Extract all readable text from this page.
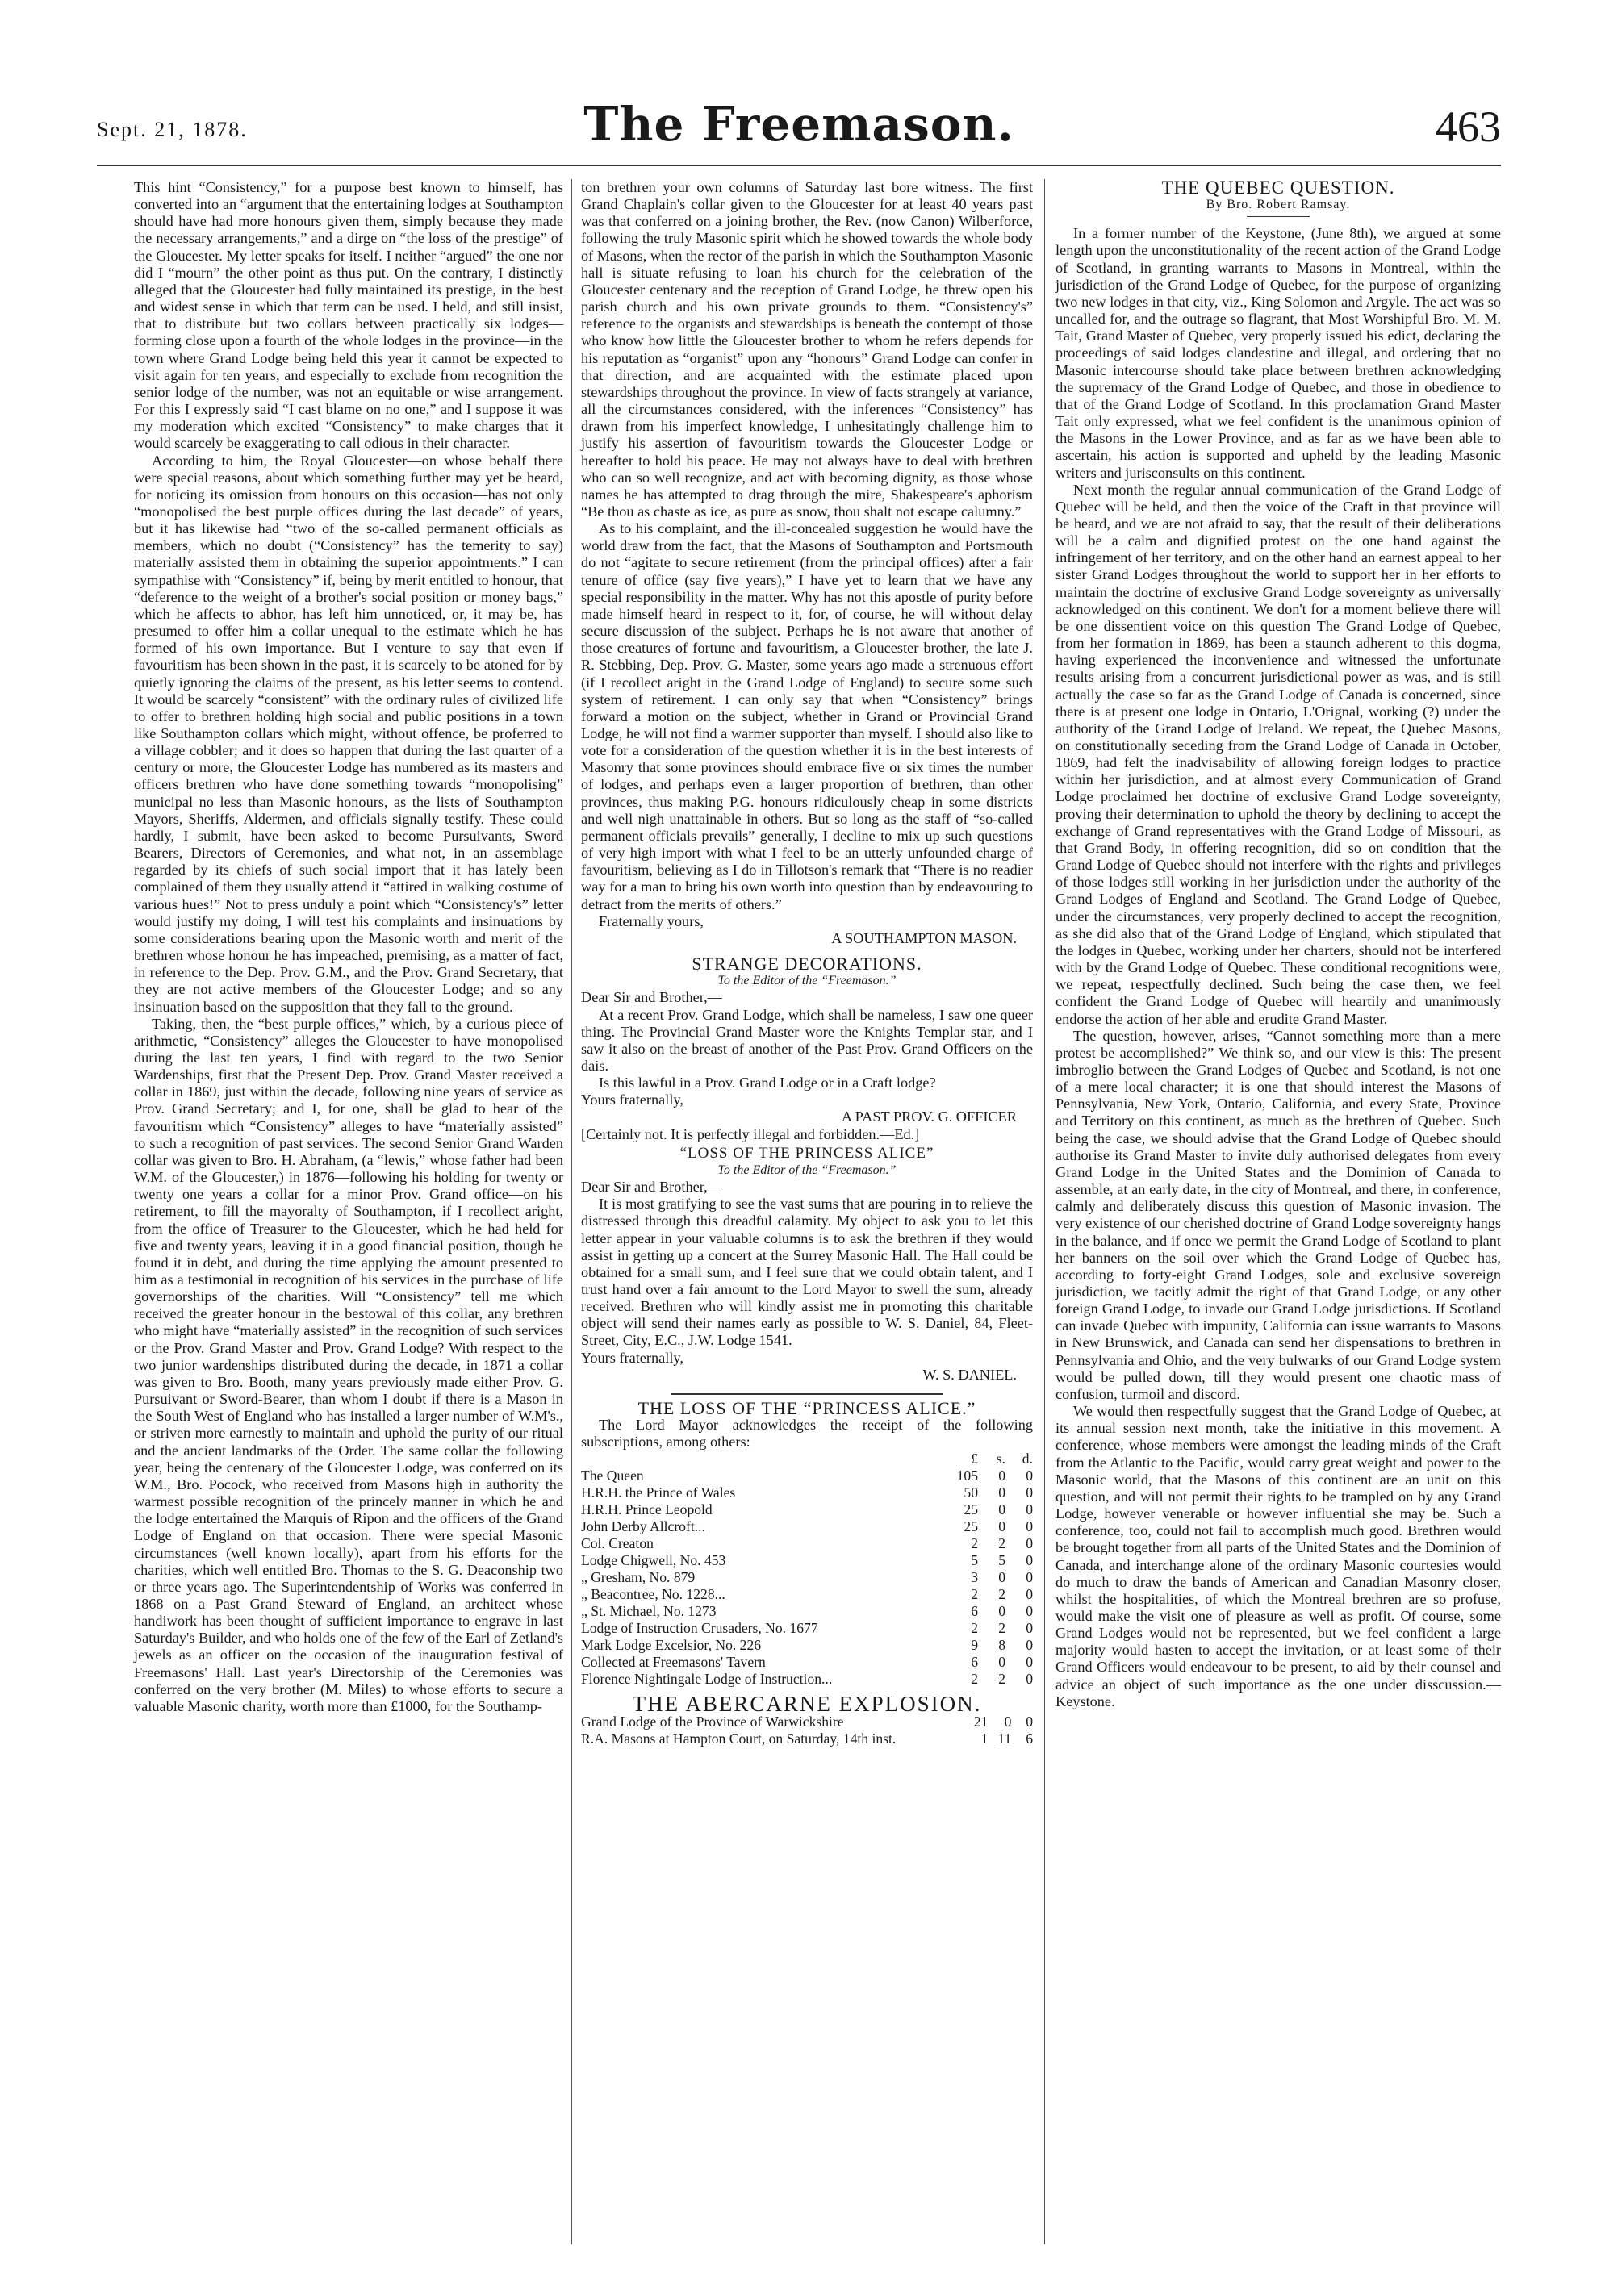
Sept. 21, 1878.	The Freemason.	463

This hint “Consistency,” for a purpose best known to himself, has converted into an “argument that the entertaining lodges at Southampton should have had more honours given them, simply because they made the necessary arrangements,” and a dirge on “the loss of the prestige” of the Gloucester. My letter speaks for itself. I neither “argued” the one nor did I “mourn” the other point as thus put. On the contrary, I distinctly alleged that the Gloucester had fully maintained its prestige, in the best and widest sense in which that term can be used. I held, and still insist, that to distribute but two collars between practically six lodges—forming close upon a fourth of the whole lodges in the province—in the town where Grand Lodge being held this year it cannot be expected to visit again for ten years, and especially to exclude from recognition the senior lodge of the number, was not an equitable or wise arrangement. For this I expressly said “I cast blame on no one,” and I suppose it was my moderation which excited “Consistency” to make charges that it would scarcely be exaggerating to call odious in their character.

According to him, the Royal Gloucester—on whose behalf there were special reasons, about which something further may yet be heard, for noticing its omission from honours on this occasion—has not only “monopolised the best purple offices during the last decade” of years, but it has likewise had “two of the so-called permanent officials as members, which no doubt (“Consistency” has the temerity to say) materially assisted them in obtaining the superior appointments.” I can sympathise with “Consistency” if, being by merit entitled to honour, that “deference to the weight of a brother's social position or money bags,” which he affects to abhor, has left him unnoticed, or, it may be, has presumed to offer him a collar unequal to the estimate which he has formed of his own importance. But I venture to say that even if favouritism has been shown in the past, it is scarcely to be atoned for by quietly ignoring the claims of the present, as his letter seems to contend. It would be scarcely “consistent” with the ordinary rules of civilized life to offer to brethren holding high social and public positions in a town like Southampton collars which might, without offence, be proferred to a village cobbler; and it does so happen that during the last quarter of a century or more, the Gloucester Lodge has numbered as its masters and officers brethren who have done something towards “monopolising” municipal no less than Masonic honours, as the lists of Southampton Mayors, Sheriffs, Aldermen, and officials signally testify. These could hardly, I submit, have been asked to become Pursuivants, Sword Bearers, Directors of Ceremonies, and what not, in an assemblage regarded by its chiefs of such social import that it has lately been complained of them they usually attend it “attired in walking costume of various hues!” Not to press unduly a point which “Consistency's” letter would justify my doing, I will test his complaints and insinuations by some considerations bearing upon the Masonic worth and merit of the brethren whose honour he has impeached, premising, as a matter of fact, in reference to the Dep. Prov. G.M., and the Prov. Grand Secretary, that they are not active members of the Gloucester Lodge; and so any insinuation based on the supposition that they fall to the ground.

Taking, then, the “best purple offices,” which, by a curious piece of arithmetic, “Consistency” alleges the Gloucester to have monopolised during the last ten years, I find with regard to the two Senior Wardenships, first that the Present Dep. Prov. Grand Master received a collar in 1869, just within the decade, following nine years of service as Prov. Grand Secretary; and I, for one, shall be glad to hear of the favouritism which “Consistency” alleges to have “materially assisted” to such a recognition of past services. The second Senior Grand Warden collar was given to Bro. H. Abraham, (a “lewis,” whose father had been W.M. of the Gloucester,) in 1876—following his holding for twenty or twenty one years a collar for a minor Prov. Grand office—on his retirement, to fill the mayoralty of Southampton, if I recollect aright, from the office of Treasurer to the Gloucester, which he had held for five and twenty years, leaving it in a good financial position, though he found it in debt, and during the time applying the amount presented to him as a testimonial in recognition of his services in the purchase of life governorships of the charities. Will “Consistency” tell me which received the greater honour in the bestowal of this collar, any brethren who might have “materially assisted” in the recognition of such services or the Prov. Grand Master and Prov. Grand Lodge? With respect to the two junior wardenships distributed during the decade, in 1871 a collar was given to Bro. Booth, many years previously made either Prov. G. Pursuivant or Sword-Bearer, than whom I doubt if there is a Mason in the South West of England who has installed a larger number of W.M's., or striven more earnestly to maintain and uphold the purity of our ritual and the ancient landmarks of the Order. The same collar the following year, being the centenary of the Gloucester Lodge, was conferred on its W.M., Bro. Pocock, who received from Masons high in authority the warmest possible recognition of the princely manner in which he and the lodge entertained the Marquis of Ripon and the officers of the Grand Lodge of England on that occasion. There were special Masonic circumstances (well known locally), apart from his efforts for the charities, which well entitled Bro. Thomas to the S. G. Deaconship two or three years ago. The Superintendentship of Works was conferred in 1868 on a Past Grand Steward of England, an architect whose handiwork has been thought of sufficient importance to engrave in last Saturday's Builder, and who holds one of the few of the Earl of Zetland's jewels as an officer on the occasion of the inauguration festival of Freemasons' Hall. Last year's Directorship of the Ceremonies was conferred on the very brother (M. Miles) to whose efforts to secure a valuable Masonic charity, worth more than £1000, for the Southamp-

ton brethren your own columns of Saturday last bore witness. The first Grand Chaplain's collar given to the Gloucester for at least 40 years past was that conferred on a joining brother, the Rev. (now Canon) Wilberforce, following the truly Masonic spirit which he showed towards the whole body of Masons, when the rector of the parish in which the Southampton Masonic hall is situate refusing to loan his church for the celebration of the Gloucester centenary and the reception of Grand Lodge, he threw open his parish church and his own private grounds to them. “Consistency's” reference to the organists and stewardships is beneath the contempt of those who know how little the Gloucester brother to whom he refers depends for his reputation as “organist” upon any “honours” Grand Lodge can confer in that direction, and are acquainted with the estimate placed upon stewardships throughout the province. In view of facts strangely at variance, all the circumstances considered, with the inferences “Consistency” has drawn from his imperfect knowledge, I unhesitatingly challenge him to justify his assertion of favouritism towards the Gloucester Lodge or hereafter to hold his peace. He may not always have to deal with brethren who can so well recognize, and act with becoming dignity, as those whose names he has attempted to drag through the mire, Shakespeare's aphorism “Be thou as chaste as ice, as pure as snow, thou shalt not escape calumny.”

As to his complaint, and the ill-concealed suggestion he would have the world draw from the fact, that the Masons of Southampton and Portsmouth do not “agitate to secure retirement (from the principal offices) after a fair tenure of office (say five years),” I have yet to learn that we have any special responsibility in the matter. Why has not this apostle of purity before made himself heard in respect to it, for, of course, he will without delay secure discussion of the subject. Perhaps he is not aware that another of those creatures of fortune and favouritism, a Gloucester brother, the late J. R. Stebbing, Dep. Prov. G. Master, some years ago made a strenuous effort (if I recollect aright in the Grand Lodge of England) to secure some such system of retirement. I can only say that when “Consistency” brings forward a motion on the subject, whether in Grand or Provincial Grand Lodge, he will not find a warmer supporter than myself. I should also like to vote for a consideration of the question whether it is in the best interests of Masonry that some provinces should embrace five or six times the number of lodges, and perhaps even a larger proportion of brethren, than other provinces, thus making P.G. honours ridiculously cheap in some districts and well nigh unattainable in others. But so long as the staff of “so-called permanent officials prevails” generally, I decline to mix up such questions of very high import with what I feel to be an utterly unfounded charge of favouritism, believing as I do in Tillotson's remark that “There is no readier way for a man to bring his own worth into question than by endeavouring to detract from the merits of others.”

Fraternally yours,

A SOUTHAMPTON MASON.

STRANGE DECORATIONS.
To the Editor of the “Freemason.”

Dear Sir and Brother,—

At a recent Prov. Grand Lodge, which shall be nameless, I saw one queer thing. The Provincial Grand Master wore the Knights Templar star, and I saw it also on the breast of another of the Past Prov. Grand Officers on the dais.

Is this lawful in a Prov. Grand Lodge or in a Craft lodge?

Yours fraternally,

A PAST PROV. G. OFFICER

[Certainly not. It is perfectly illegal and forbidden.—Ed.]

“LOSS OF THE PRINCESS ALICE”
To the Editor of the “Freemason.”

Dear Sir and Brother,—

It is most gratifying to see the vast sums that are pouring in to relieve the distressed through this dreadful calamity. My object to ask you to let this letter appear in your valuable columns is to ask the brethren if they would assist in getting up a concert at the Surrey Masonic Hall. The Hall could be obtained for a small sum, and I feel sure that we could obtain talent, and I trust hand over a fair amount to the Lord Mayor to swell the sum, already received. Brethren who will kindly assist me in promoting this charitable object will send their names early as possible to W. S. Daniel, 84, Fleet-Street, City, E.C., J.W. Lodge 1541.

Yours fraternally,

W. S. DANIEL.

THE LOSS OF THE “PRINCESS ALICE.”

The Lord Mayor acknowledges the receipt of the following subscriptions, among others:

		£	s.	d.
The Queen		105	0	0
H.R.H. the Prince of Wales		50	0	0
H.R.H. Prince Leopold		25	0	0
John Derby Allcroft...		25	0	0
Col. Creaton		2	2	0
Lodge Chigwell, No. 453		5	5	0
„ Gresham, No. 879		3	0	0
„ Beacontree, No. 1228...		2	2	0
„ St. Michael, No. 1273		6	0	0
Lodge of Instruction Crusaders, No. 1677		2	2	0
Mark Lodge Excelsior, No. 226		9	8	0
Collected at Freemasons' Tavern		6	0	0
Florence Nightingale Lodge of Instruction...		2	2	0
THE ABERCARNE EXPLOSION.
Grand Lodge of the Province of Warwickshire		21	0	0
R.A. Masons at Hampton Court, on Saturday, 14th inst.		1	11	6
THE QUEBEC QUESTION.
By Bro. Robert Ramsay.

In a former number of the Keystone, (June 8th), we argued at some length upon the unconstitutionality of the recent action of the Grand Lodge of Scotland, in granting warrants to Masons in Montreal, within the jurisdiction of the Grand Lodge of Quebec, for the purpose of organizing two new lodges in that city, viz., King Solomon and Argyle. The act was so uncalled for, and the outrage so flagrant, that Most Worshipful Bro. M. M. Tait, Grand Master of Quebec, very properly issued his edict, declaring the proceedings of said lodges clandestine and illegal, and ordering that no Masonic intercourse should take place between brethren acknowledging the supremacy of the Grand Lodge of Quebec, and those in obedience to that of the Grand Lodge of Scotland. In this proclamation Grand Master Tait only expressed, what we feel confident is the unanimous opinion of the Masons in the Lower Province, and as far as we have been able to ascertain, his action is supported and upheld by the leading Masonic writers and jurisconsults on this continent.

Next month the regular annual communication of the Grand Lodge of Quebec will be held, and then the voice of the Craft in that province will be heard, and we are not afraid to say, that the result of their deliberations will be a calm and dignified protest on the one hand against the infringement of her territory, and on the other hand an earnest appeal to her sister Grand Lodges throughout the world to support her in her efforts to maintain the doctrine of exclusive Grand Lodge sovereignty as universally acknowledged on this continent. We don't for a moment believe there will be one dissentient voice on this question The Grand Lodge of Quebec, from her formation in 1869, has been a staunch adherent to this dogma, having experienced the inconvenience and witnessed the unfortunate results arising from a concurrent jurisdictional power as was, and is still actually the case so far as the Grand Lodge of Canada is concerned, since there is at present one lodge in Ontario, L'Orignal, working (?) under the authority of the Grand Lodge of Ireland. We repeat, the Quebec Masons, on constitutionally seceding from the Grand Lodge of Canada in October, 1869, had felt the inadvisability of allowing foreign lodges to practice within her jurisdiction, and at almost every Communication of Grand Lodge proclaimed her doctrine of exclusive Grand Lodge sovereignty, proving their determination to uphold the theory by declining to accept the exchange of Grand representatives with the Grand Lodge of Missouri, as that Grand Body, in offering recognition, did so on condition that the Grand Lodge of Quebec should not interfere with the rights and privileges of those lodges still working in her jurisdiction under the authority of the Grand Lodges of England and Scotland. The Grand Lodge of Quebec, under the circumstances, very properly declined to accept the recognition, as she did also that of the Grand Lodge of England, which stipulated that the lodges in Quebec, working under her charters, should not be interfered with by the Grand Lodge of Quebec. These conditional recognitions were, we repeat, respectfully declined. Such being the case then, we feel confident the Grand Lodge of Quebec will heartily and unanimously endorse the action of her able and erudite Grand Master.

The question, however, arises, “Cannot something more than a mere protest be accomplished?” We think so, and our view is this: The present imbroglio between the Grand Lodges of Quebec and Scotland, is not one of a mere local character; it is one that should interest the Masons of Pennsylvania, New York, Ontario, California, and every State, Province and Territory on this continent, as much as the brethren of Quebec. Such being the case, we should advise that the Grand Lodge of Quebec should authorise its Grand Master to invite duly authorised delegates from every Grand Lodge in the United States and the Dominion of Canada to assemble, at an early date, in the city of Montreal, and there, in conference, calmly and deliberately discuss this question of Masonic invasion. The very existence of our cherished doctrine of Grand Lodge sovereignty hangs in the balance, and if once we permit the Grand Lodge of Scotland to plant her banners on the soil over which the Grand Lodge of Quebec has, according to forty-eight Grand Lodges, sole and exclusive sovereign jurisdiction, we tacitly admit the right of that Grand Lodge, or any other foreign Grand Lodge, to invade our Grand Lodge jurisdictions. If Scotland can invade Quebec with impunity, California can issue warrants to Masons in New Brunswick, and Canada can send her dispensations to brethren in Pennsylvania and Ohio, and the very bulwarks of our Grand Lodge system would be pulled down, till they would present one chaotic mass of confusion, turmoil and discord.

We would then respectfully suggest that the Grand Lodge of Quebec, at its annual session next month, take the initiative in this movement. A conference, whose members were amongst the leading minds of the Craft from the Atlantic to the Pacific, would carry great weight and power to the Masonic world, that the Masons of this continent are an unit on this question, and will not permit their rights to be trampled on by any Grand Lodge, however venerable or however influential she may be. Such a conference, too, could not fail to accomplish much good. Brethren would be brought together from all parts of the United States and the Dominion of Canada, and interchange alone of the ordinary Masonic courtesies would do much to draw the bands of American and Canadian Masonry closer, whilst the hospitalities, of which the Montreal brethren are so profuse, would make the visit one of pleasure as well as profit. Of course, some Grand Lodges would not be represented, but we feel confident a large majority would hasten to accept the invitation, or at least some of their Grand Officers would endeavour to be present, to aid by their counsel and advice an object of such importance as the one under disscussion.—Keystone.
